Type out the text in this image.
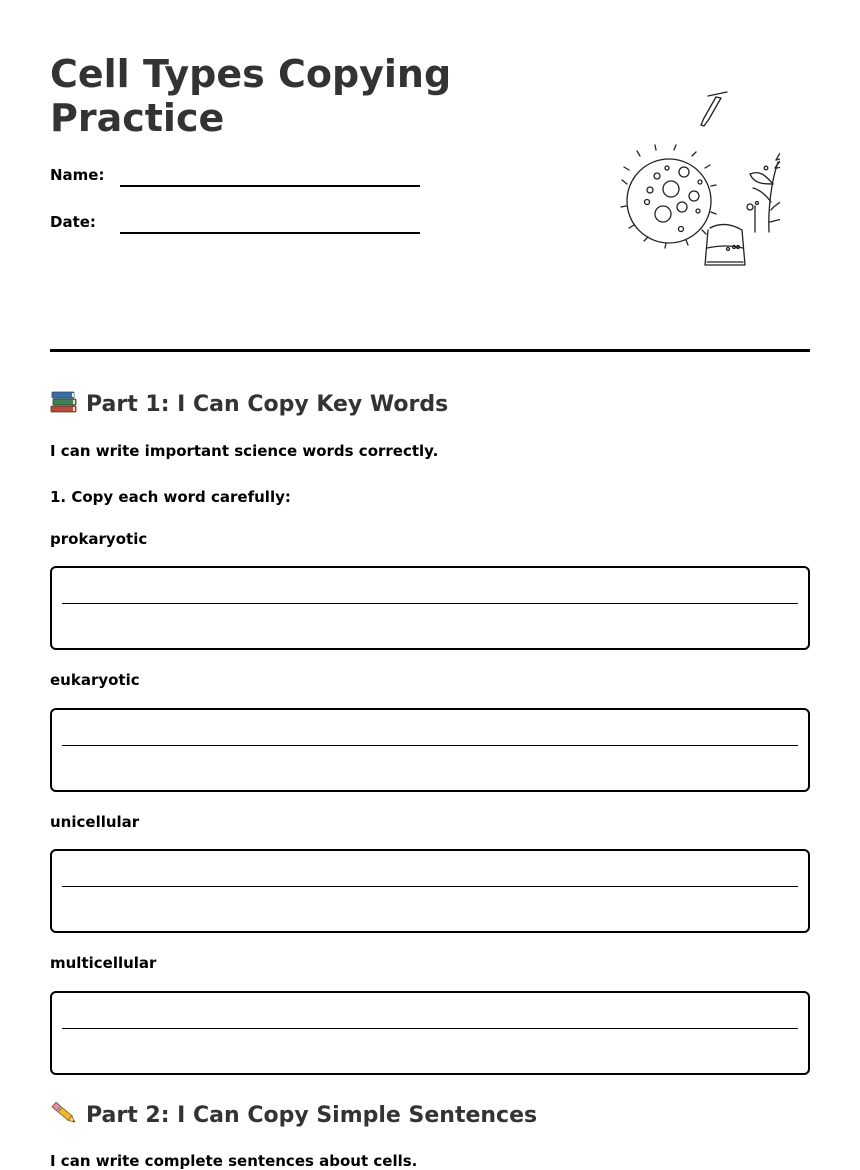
Cell Types Copying Practice
Name:
Date:
Part 1: I Can Copy Key Words
I can write important science words correctly.
1. Copy each word carefully:
prokaryotic
eukaryotic
unicellular
multicellular
Part 2: I Can Copy Simple Sentences
I can write complete sentences about cells.
